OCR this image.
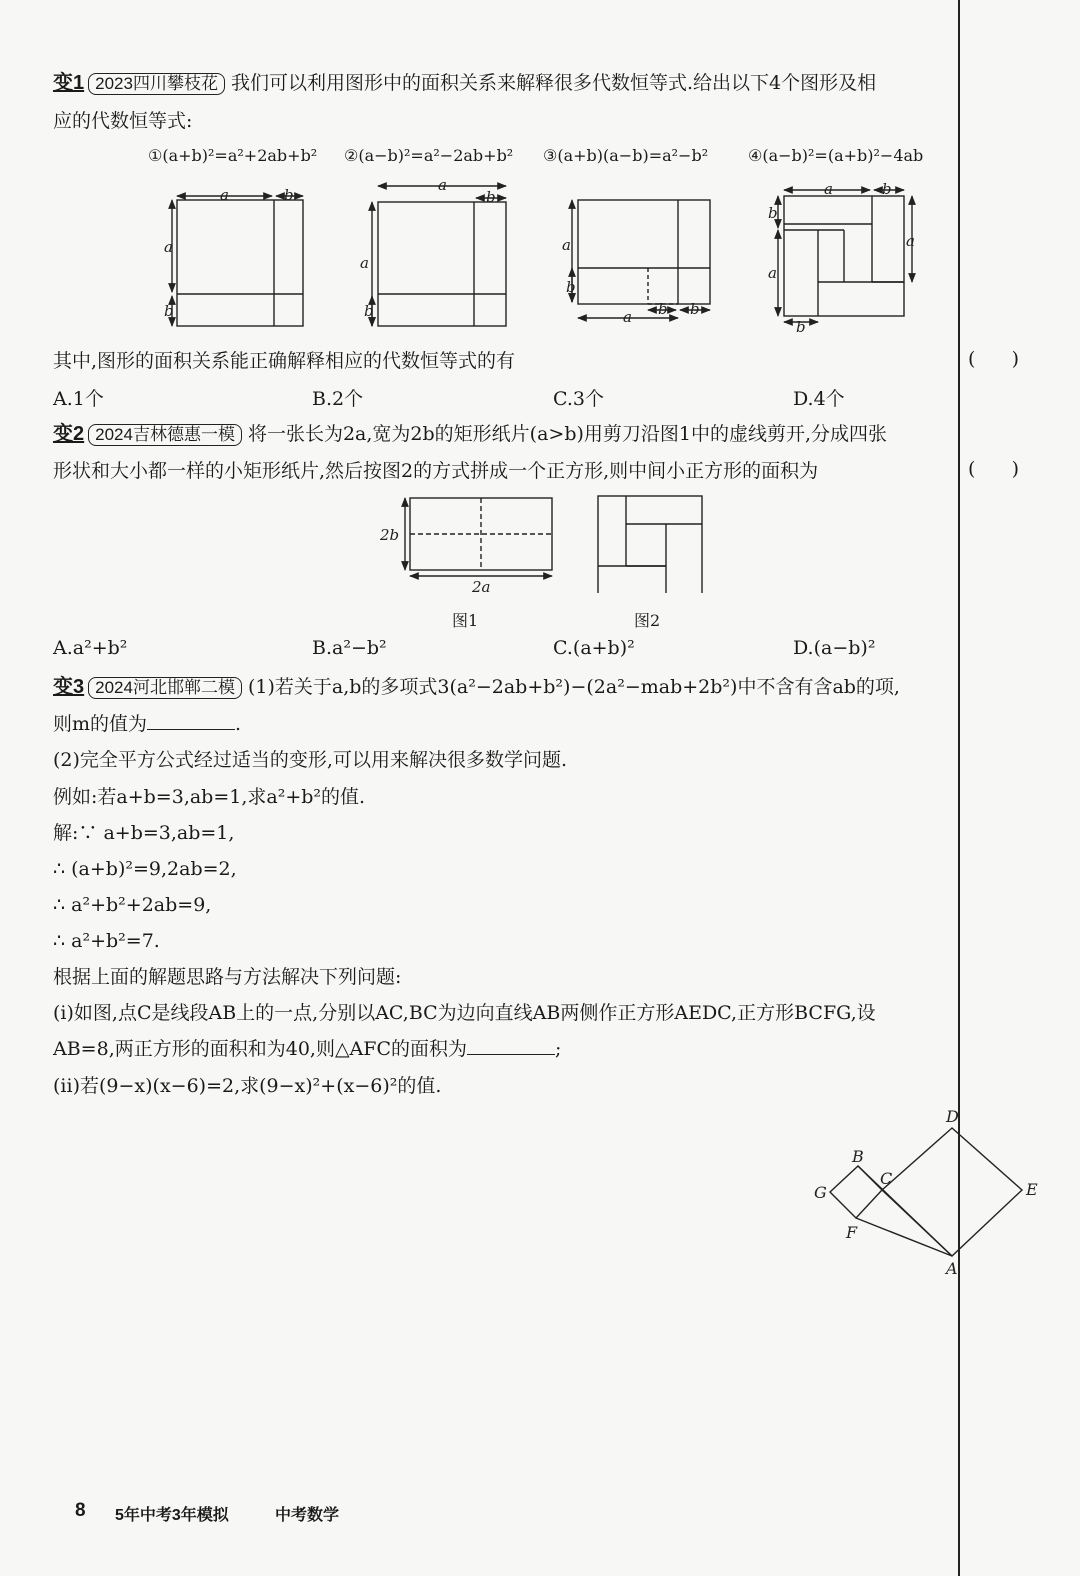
变1 2023四川攀枝花 我们可以利用图形中的面积关系来解释很多代数恒等式.给出以下4个图形及相
应的代数恒等式:
①(a+b)²=a²+2ab+b² ②(a−b)²=a²−2ab+b² ③(a+b)(a−b)=a²−b² ④(a−b)²=(a+b)²−4ab
a	b
a
b
a
b
a
b
a
b
a b b
a	b
b
a
a
b
其中,图形的面积关系能正确解释相应的代数恒等式的有	(      )
A.1个	B.2个	C.3个	D.4个
变2 2024吉林德惠一模 将一张长为2a,宽为2b的矩形纸片(a>b)用剪刀沿图1中的虚线剪开,分成四张
形状和大小都一样的小矩形纸片,然后按图2的方式拼成一个正方形,则中间小正方形的面积为	(      )
2b
2a
图1	图2
A.a²+b²	B.a²−b²	C.(a+b)²	D.(a−b)²
变3 2024河北邯郸二模 (1)若关于a,b的多项式3(a²−2ab+b²)−(2a²−mab+2b²)中不含有含ab的项,
则m的值为	.
(2)完全平方公式经过适当的变形,可以用来解决很多数学问题.
例如:若a+b=3,ab=1,求a²+b²的值.
解:∵ a+b=3,ab=1,
∴ (a+b)²=9,2ab=2,
∴ a²+b²+2ab=9,
∴ a²+b²=7.
根据上面的解题思路与方法解决下列问题:
(i)如图,点C是线段AB上的一点,分别以AC,BC为边向直线AB两侧作正方形AEDC,正方形BCFG,设
AB=8,两正方形的面积和为40,则△AFC的面积为	;
(ii)若(9−x)(x−6)=2,求(9−x)²+(x−6)²的值.
D
E
A
C
B
G
F
8 5年中考3年模拟	中考数学
